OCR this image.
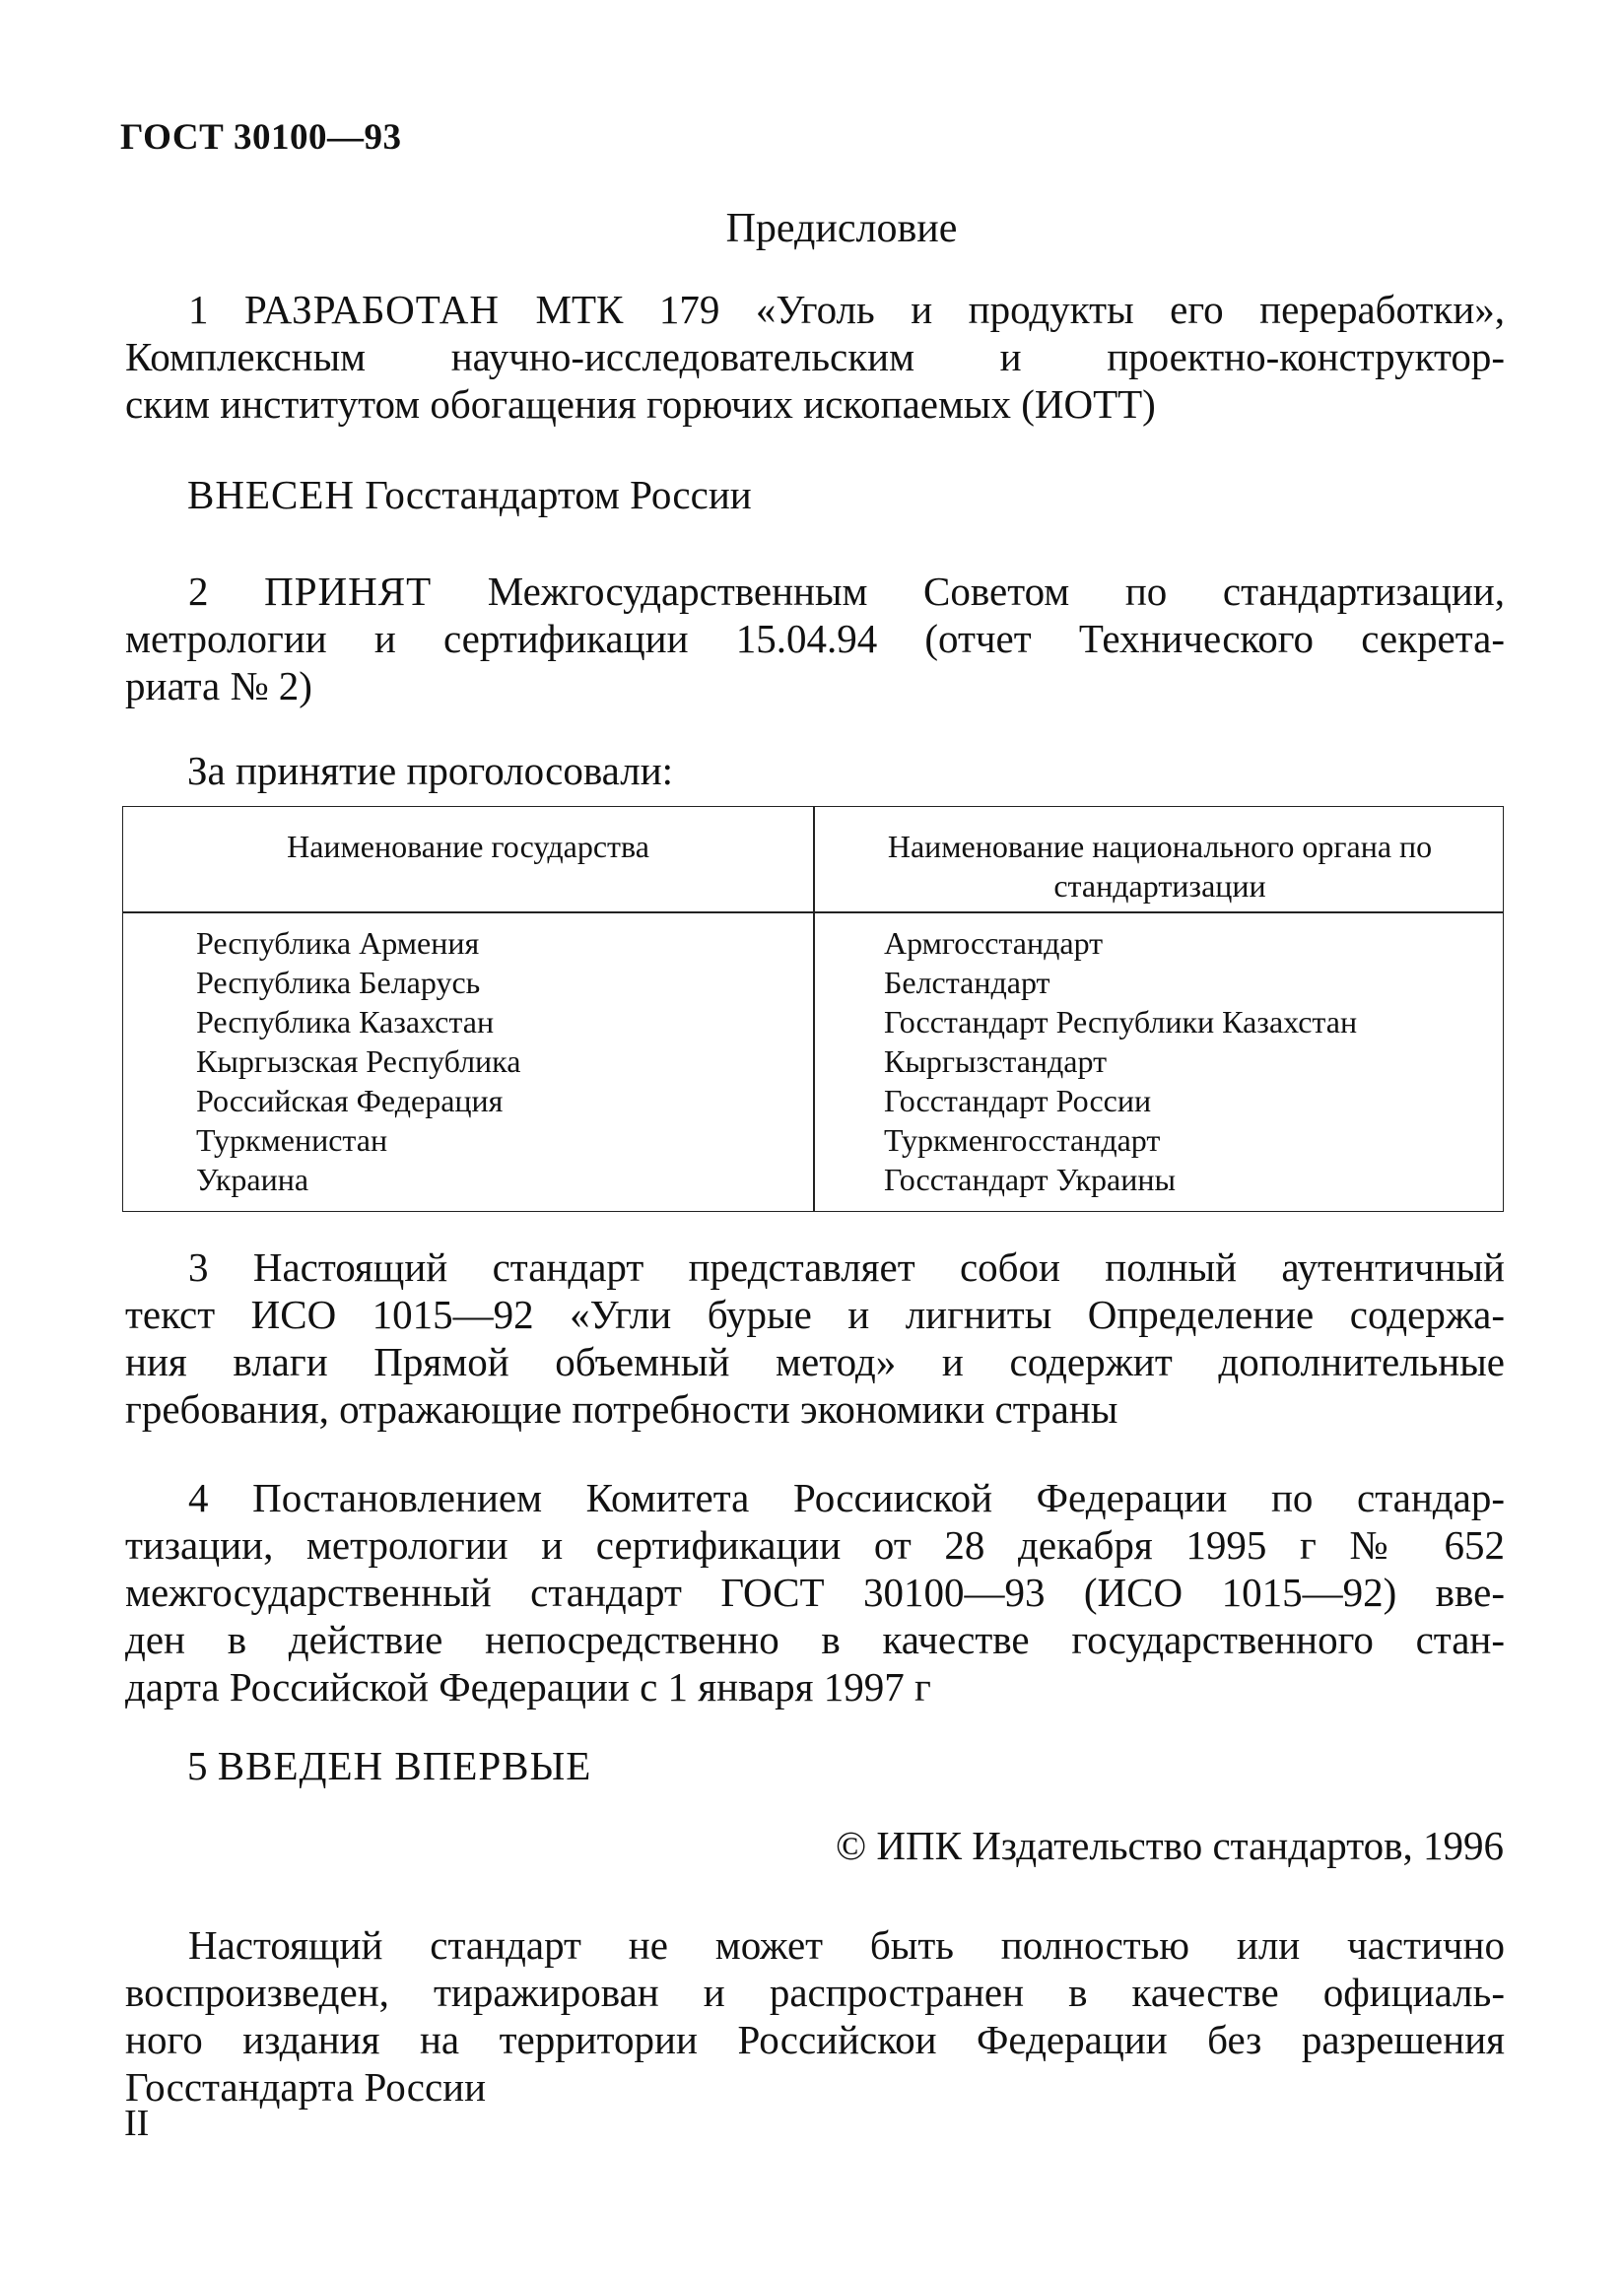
ГОСТ 30100—93
Предисловие
1 РАЗРАБОТАН МТК 179 «Уголь и продукты его переработки»,
Комплексным научно-исследовательским и проектно-конструктор-
ским институтом обогащения горючих ископаемых (ИОТТ)
ВНЕСЕН Госстандартом России
2 ПРИНЯТ Межгосударственным Советом по стандартизации,
метрологии и сертификации 15.04.94 (отчет Технического секрета-
риата № 2)
За принятие проголосовали:
Наименование государства	Наименование национального органа по
стандартизации
Республика Армения
Республика Беларусь
Республика Казахстан
Кыргызская Республика
Российская Федерация
Туркменистан
Украина
Армгосстандарт
Белстандарт
Госстандарт Республики Казахстан
Кыргызстандарт
Госстандарт России
Туркменгосстандарт
Госстандарт Украины
3 Настоящий стандарт представляет собои полный аутентичный
текст ИСО 1015—92 «Угли бурые и лигниты Определение содержа-
ния влаги Прямой объемный метод» и содержит дополнительные
гребования, отражающие потребности экономики страны
4 Постановлением Комитета Россииской Федерации по стандар-
тизации, метрологии и сертификации от 28 декабря 1995 г № 652
межгосударственный стандарт ГОСТ 30100—93 (ИСО 1015—92) вве-
ден в действие непосредственно в качестве государственного стан-
дарта Российской Федерации с 1 января 1997 г
5 ВВЕДЕН ВПЕРВЫЕ
© ИПК Издательство стандартов, 1996
Настоящий стандарт не может быть полностью или частично
воспроизведен, тиражирован и распространен в качестве официаль-
ного издания на территории Российскои Федерации без разрешения
Госстандарта России
II
